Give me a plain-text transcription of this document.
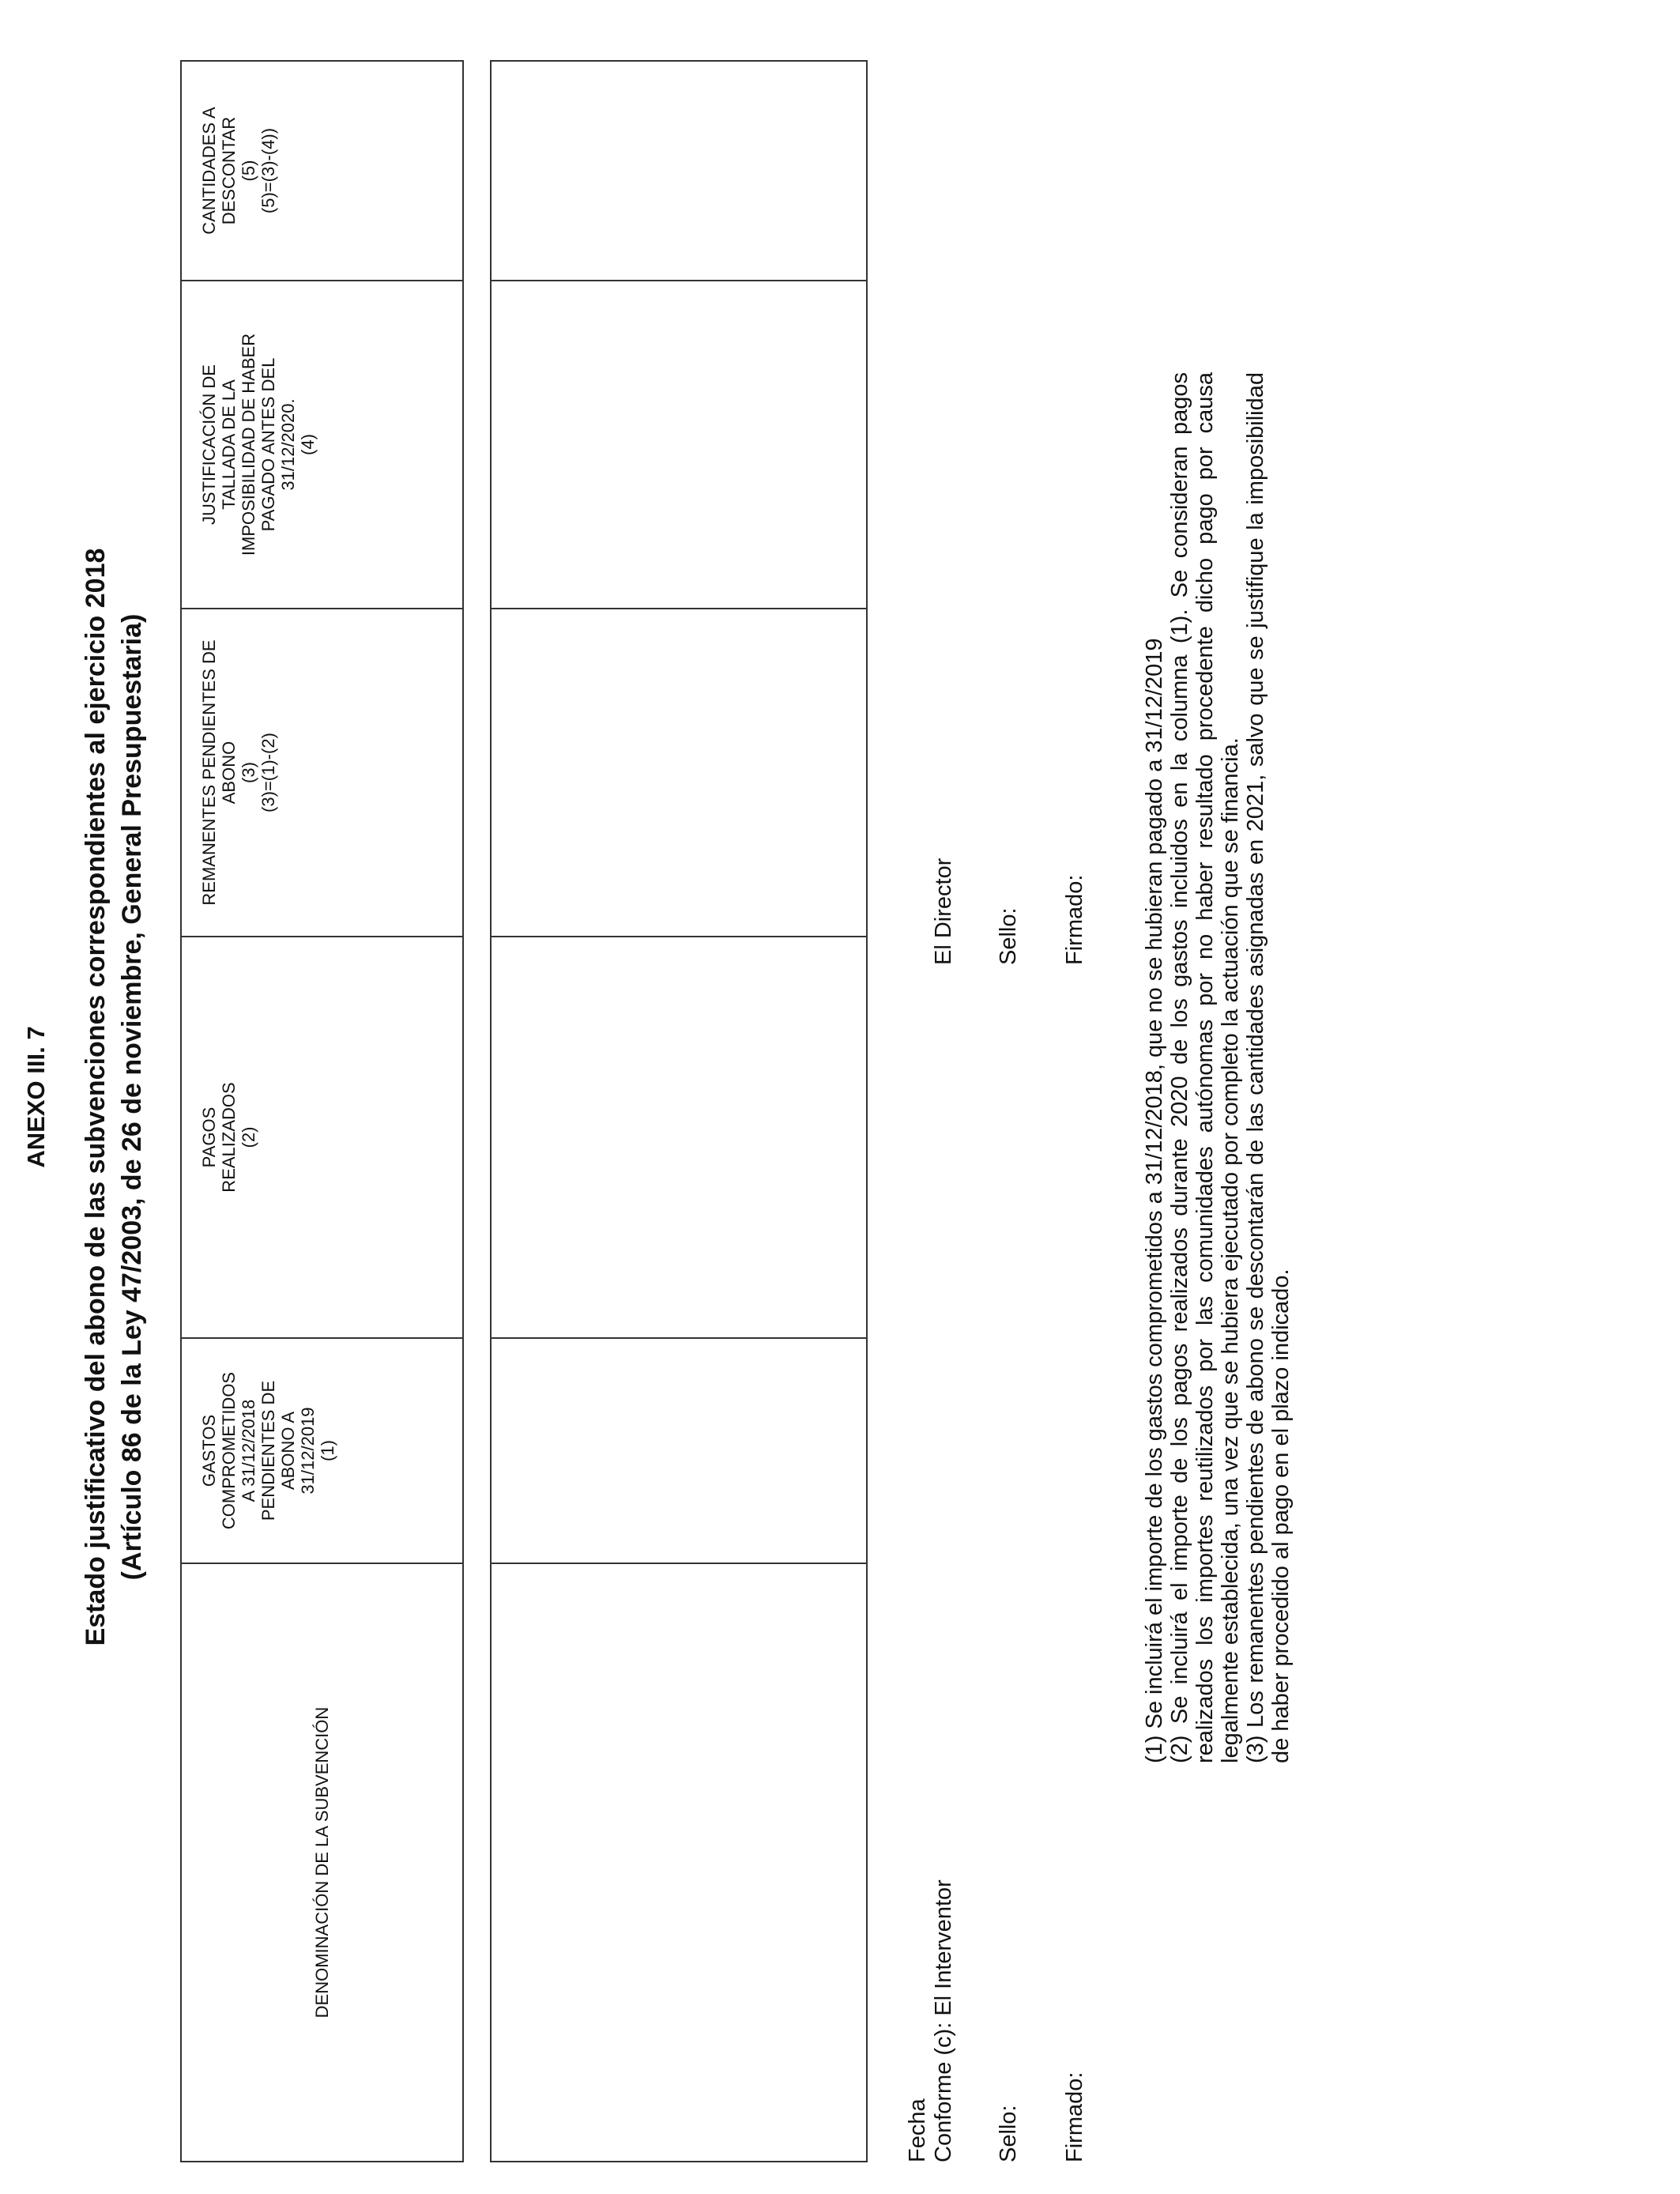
ANEXO III. 7 Estado justificativo del abono de las subvenciones correspondientes al ejercicio 2018 (Artículo 86 de la Ley 47/2003, de 26 de noviembre, General Presupuestaria)
DENOMINACIÓN DE LA SUBVENCIÓN
GASTOS
COMPROMETIDOS
A 31/12/2018
PENDIENTES DE
ABONO A
31/12/2019
(1)
PAGOS
REALIZADOS
(2)
REMANENTES PENDIENTES DE
ABONO
(3)
(3)=(1)-(2)
JUSTIFICACIÓN DE
TALLADA DE LA
IMPOSIBILIDAD DE HABER
PAGADO ANTES DEL
31/12/2020.
(4)
CANTIDADES A
DESCONTAR
(5)
(5)=(3)-(4))
Fecha Conforme (c): El Interventor Sello: Firmado:
El Director Sello: Firmado: (1) Se incluirá el importe de los gastos comprometidos a 31/12/2018, que no se hubieran pagado a 31/12/2019 (2) Se incluirá el importe de los pagos realizados durante 2020 de los gastos incluidos en la columna (1). Se consideran pagos realizados los importes reutilizados por las comunidades autónomas por no haber resultado procedente dicho pago por causa legalmente establecida, una vez que se hubiera ejecutado por completo la actuación que se financia. (3) Los remanentes pendientes de abono se descontarán de las cantidades asignadas en 2021, salvo que se justifique la imposibilidad de haber procedido al pago en el plazo indicado.
